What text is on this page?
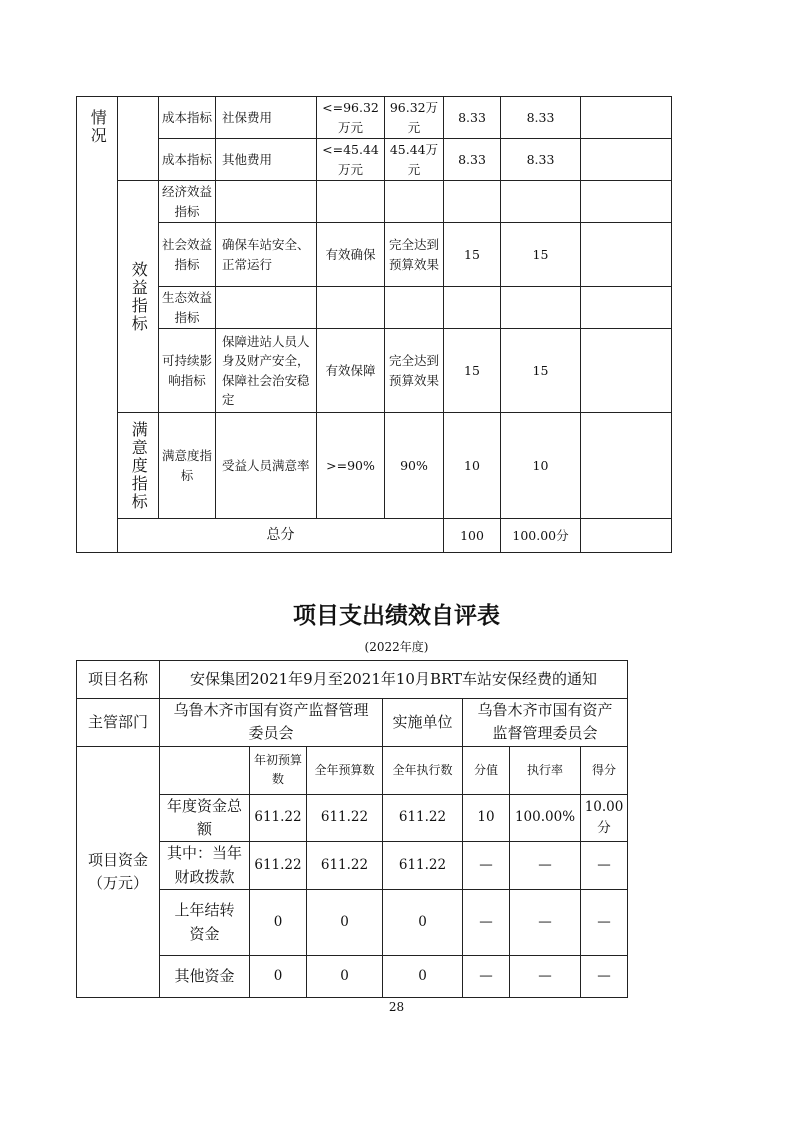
情况		成本指标	社保费用	<=96.32万元	96.32万元	8.33	8.33	
		成本指标	其他费用	<=45.44万元	45.44万元	8.33	8.33	

	效益指标	经济效益指标						
		社会效益指标	确保车站安全、正常运行	有效确保	完全达到预算效果	15	15	
		生态效益指标						
		可持续影响指标	保障进站人员人身及财产安全，保障社会治安稳定	有效保障	完全达到预算效果	15	15	

	满意度指标	满意度指标	受益人员满意率	>=90%	90%	10	10	
	总分					100	100.00分	
项目支出绩效自评表
(2022年度)
项目名称	安保集团2021年9月至2021年10月BRT车站安保经费的通知						
主管部门	乌鲁木齐市国有资产监督管理委员会			实施单位	乌鲁木齐市国有资产监督管理委员会		
项目资金（万元）		年初预算数	全年预算数	全年执行数	分值	执行率	得分
	年度资金总额	611.22	611.22	611.22	10	100.00%	10.00分
	其中：当年财政拨款	611.22	611.22	611.22	—	—	—
	上年结转资金	0	0	0	—	—	—
	其他资金	0	0	0	—	—	—
28
